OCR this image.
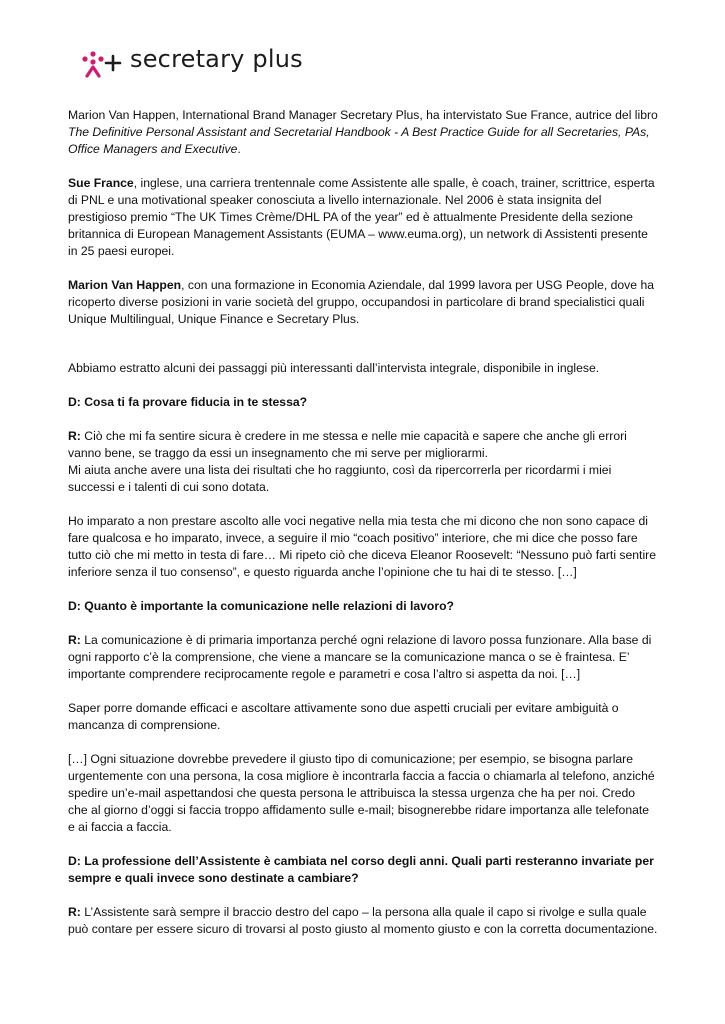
secretary plus

Marion Van Happen, International Brand Manager Secretary Plus, ha intervistato Sue France, autrice del libro The Definitive Personal Assistant and Secretarial Handbook - A Best Practice Guide for all Secretaries, PAs, Office Managers and Executive.

Sue France, inglese, una carriera trentennale come Assistente alle spalle, è coach, trainer, scrittrice, esperta di PNL e una motivational speaker conosciuta a livello internazionale. Nel 2006 è stata insignita del prestigioso premio “The UK Times Crème/DHL PA of the year” ed è attualmente Presidente della sezione britannica di European Management Assistants (EUMA – www.euma.org), un network di Assistenti presente in 25 paesi europei.

Marion Van Happen, con una formazione in Economia Aziendale, dal 1999 lavora per USG People, dove ha ricoperto diverse posizioni in varie società del gruppo, occupandosi in particolare di brand specialistici quali Unique Multilingual, Unique Finance e Secretary Plus.

Abbiamo estratto alcuni dei passaggi più interessanti dall’intervista integrale, disponibile in inglese.

D: Cosa ti fa provare fiducia in te stessa?

R: Ciò che mi fa sentire sicura è credere in me stessa e nelle mie capacità e sapere che anche gli errori vanno bene, se traggo da essi un insegnamento che mi serve per migliorarmi.
Mi aiuta anche avere una lista dei risultati che ho raggiunto, così da ripercorrerla per ricordarmi i miei successi e i talenti di cui sono dotata.

Ho imparato a non prestare ascolto alle voci negative nella mia testa che mi dicono che non sono capace di fare qualcosa e ho imparato, invece, a seguire il mio “coach positivo” interiore, che mi dice che posso fare tutto ciò che mi metto in testa di fare… Mi ripeto ciò che diceva Eleanor Roosevelt: “Nessuno può farti sentire inferiore senza il tuo consenso”, e questo riguarda anche l’opinione che tu hai di te stesso. […]

D: Quanto è importante la comunicazione nelle relazioni di lavoro?

R: La comunicazione è di primaria importanza perché ogni relazione di lavoro possa funzionare. Alla base di ogni rapporto c’è la comprensione, che viene a mancare se la comunicazione manca o se è fraintesa. E’ importante comprendere reciprocamente regole e parametri e cosa l’altro si aspetta da noi. […]

Saper porre domande efficaci e ascoltare attivamente sono due aspetti cruciali per evitare ambiguità o mancanza di comprensione.

[…] Ogni situazione dovrebbe prevedere il giusto tipo di comunicazione; per esempio, se bisogna parlare urgentemente con una persona, la cosa migliore è incontrarla faccia a faccia o chiamarla al telefono, anziché spedire un’e-mail aspettandosi che questa persona le attribuisca la stessa urgenza che ha per noi. Credo che al giorno d’oggi si faccia troppo affidamento sulle e-mail; bisognerebbe ridare importanza alle telefonate e ai faccia a faccia.

D: La professione dell’Assistente è cambiata nel corso degli anni. Quali parti resteranno invariate per sempre e quali invece sono destinate a cambiare?

R: L’Assistente sarà sempre il braccio destro del capo – la persona alla quale il capo si rivolge e sulla quale può contare per essere sicuro di trovarsi al posto giusto al momento giusto e con la corretta documentazione.
